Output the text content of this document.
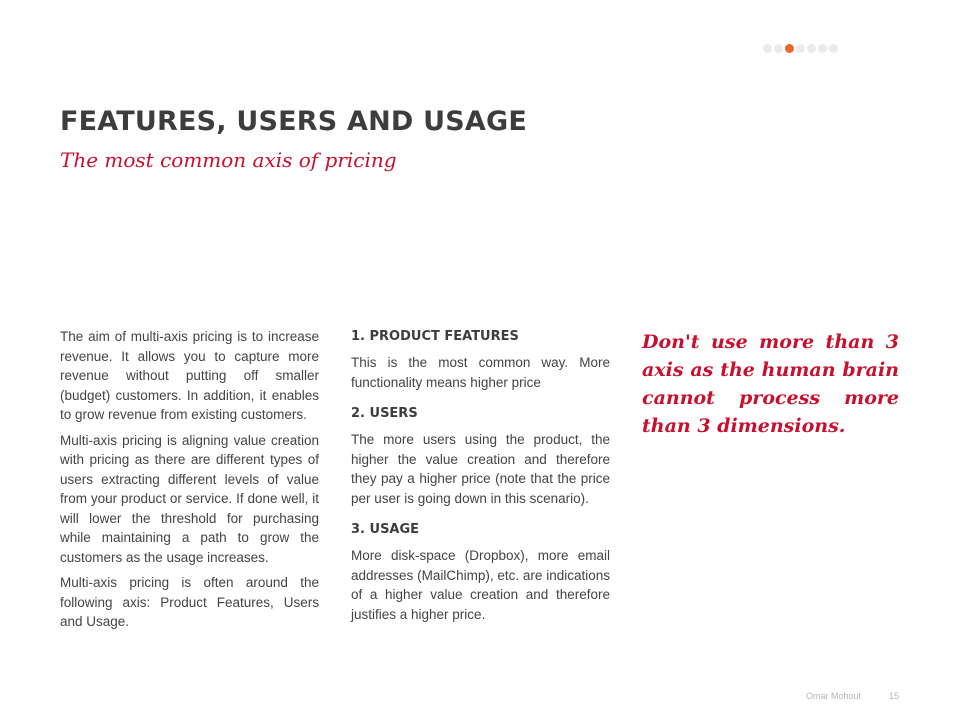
FEATURES, USERS AND USAGE
The most common axis of pricing

The aim of multi-axis pricing is to increase revenue. It allows you to capture more revenue without putting off smaller (budget) customers. In addition, it enables to grow revenue from existing customers.

Multi-axis pricing is aligning value creation with pricing as there are different types of users extracting different levels of value from your product or service. If done well, it will lower the threshold for purchasing while maintaining a path to grow the customers as the usage increases.

Multi-axis pricing is often around the following axis: Product Features, Users and Usage.

1. PRODUCT FEATURES

This is the most common way. More functionality means higher price

2. USERS

The more users using the product, the higher the value creation and therefore they pay a higher price (note that the price per user is going down in this scenario).

3. USAGE

More disk-space (Dropbox), more email addresses (MailChimp), etc. are indications of a higher value creation and therefore justifies a higher price.

Don't use more than 3 axis as the human brain cannot process more than 3 dimensions.
Omar Mohout	15
